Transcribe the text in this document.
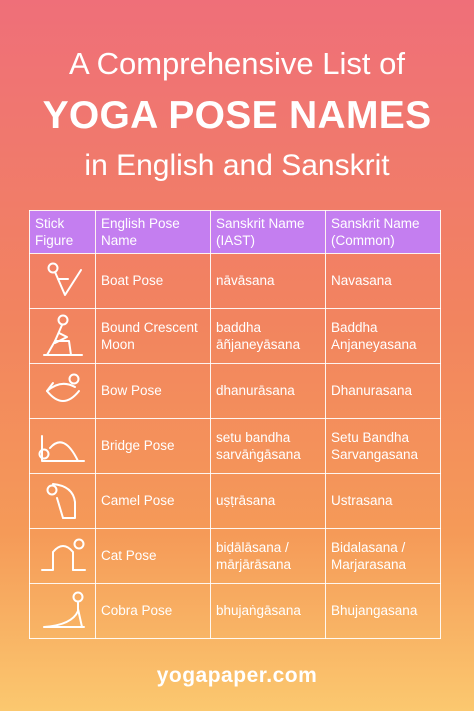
A Comprehensive List of
YOGA POSE NAMES
in English and Sanskrit
Stick Figure	English Pose Name	Sanskrit Name (IAST)	Sanskrit Name (Common)

	Boat Pose	nāvāsana	Navasana

	Bound Crescent Moon	baddha āñjaneyāsana	Baddha Anjaneyasana

	Bow Pose	dhanurāsana	Dhanurasana

	Bridge Pose	setu bandha sarvāṅgāsana	Setu Bandha Sarvangasana

	Camel Pose	uṣṭrāsana	Ustrasana

	Cat Pose	biḍālāsana / mārjārāsana	Bidalasana / Marjarasana

	Cobra Pose	bhujaṅgāsana	Bhujangasana
yogapaper.com
